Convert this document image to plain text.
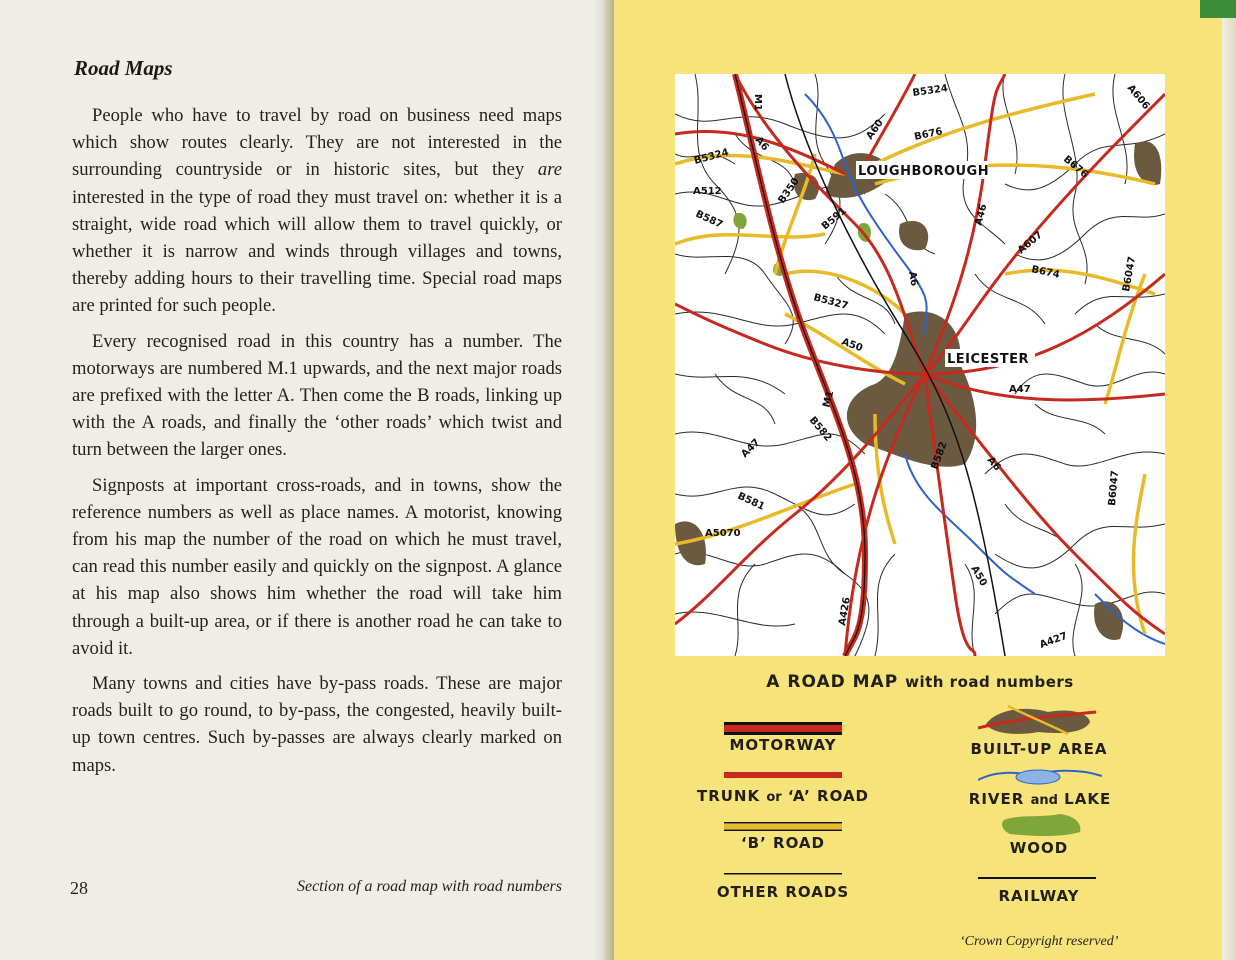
Road Maps

People who have to travel by road on business need maps which show routes clearly. They are not interested in the surrounding countryside or in historic sites, but they are interested in the type of road they must travel on: whether it is a straight, wide road which will allow them to travel quickly, or whether it is narrow and winds through villages and towns, thereby adding hours to their travelling time. Special road maps are printed for such people.

Every recognised road in this country has a number. The motorways are numbered M.1 upwards, and the next major roads are prefixed with the letter A. Then come the B roads, linking up with the A roads, and finally the ‘other roads’ which twist and turn between the larger ones.

Signposts at important cross-roads, and in towns, show the reference numbers as well as place names. A motorist, knowing from his map the number of the road on which he must travel, can read this number easily and quickly on the signpost. A glance at his map also shows him whether the road will take him through a built-up area, or if there is another road he can take to avoid it.

Many towns and cities have by-pass roads. These are major roads built to go round, to by-pass, the congested, heavily built-up town centres. Such by-passes are always clearly marked on maps.

28	Section of a road map with road numbers
LOUGHBOROUGH
LEICESTER
M1
B5324	A606
A60	B676
B676
A6
B5324
A512	B350
B587	B591	A46
A607
B674	B6047
A6
B5327
A50
A47
M1
B582
A47	B582	A6
B6047
B581
A5070
A50
A426
A427
A ROAD MAP with road numbers
MOTORWAY
TRUNK or ‘A’ ROAD
‘B’ ROAD
OTHER ROADS
BUILT-UP AREA
RIVER and LAKE
WOOD
RAILWAY
‘Crown Copyright reserved’
